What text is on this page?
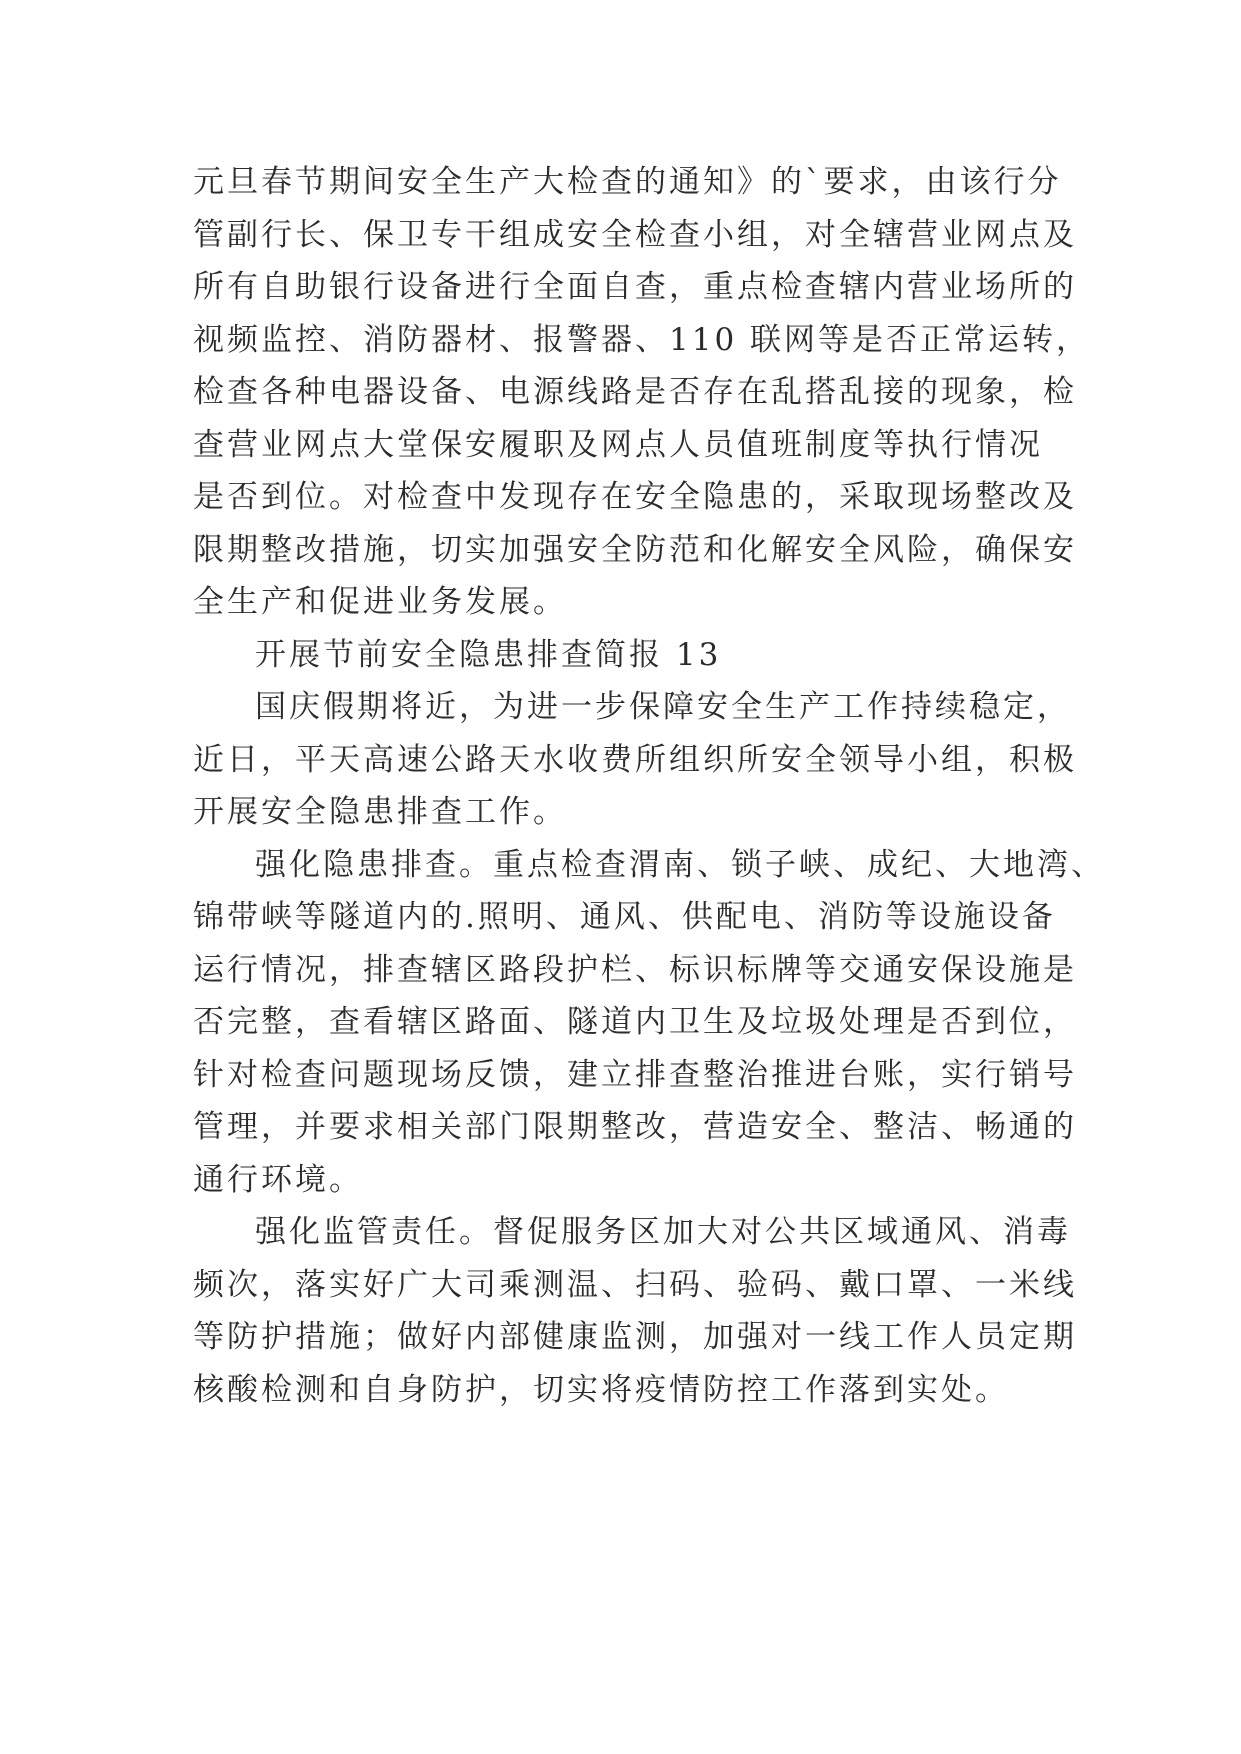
元旦春节期间安全生产大检查的通知》的`要求，由该行分
管副行长、保卫专干组成安全检查小组，对全辖营业网点及
所有自助银行设备进行全面自查，重点检查辖内营业场所的
视频监控、消防器材、报警器、110 联网等是否正常运转，
检查各种电器设备、电源线路是否存在乱搭乱接的现象，检
查营业网点大堂保安履职及网点人员值班制度等执行情况
是否到位。对检查中发现存在安全隐患的，采取现场整改及
限期整改措施，切实加强安全防范和化解安全风险，确保安
全生产和促进业务发展。
开展节前安全隐患排查简报 13
国庆假期将近，为进一步保障安全生产工作持续稳定，
近日，平天高速公路天水收费所组织所安全领导小组，积极
开展安全隐患排查工作。
强化隐患排查。重点检查渭南、锁子峡、成纪、大地湾、
锦带峡等隧道内的.照明、通风、供配电、消防等设施设备
运行情况，排查辖区路段护栏、标识标牌等交通安保设施是
否完整，查看辖区路面、隧道内卫生及垃圾处理是否到位，
针对检查问题现场反馈，建立排查整治推进台账，实行销号
管理，并要求相关部门限期整改，营造安全、整洁、畅通的
通行环境。
强化监管责任。督促服务区加大对公共区域通风、消毒
频次，落实好广大司乘测温、扫码、验码、戴口罩、一米线
等防护措施；做好内部健康监测，加强对一线工作人员定期
核酸检测和自身防护，切实将疫情防控工作落到实处。
